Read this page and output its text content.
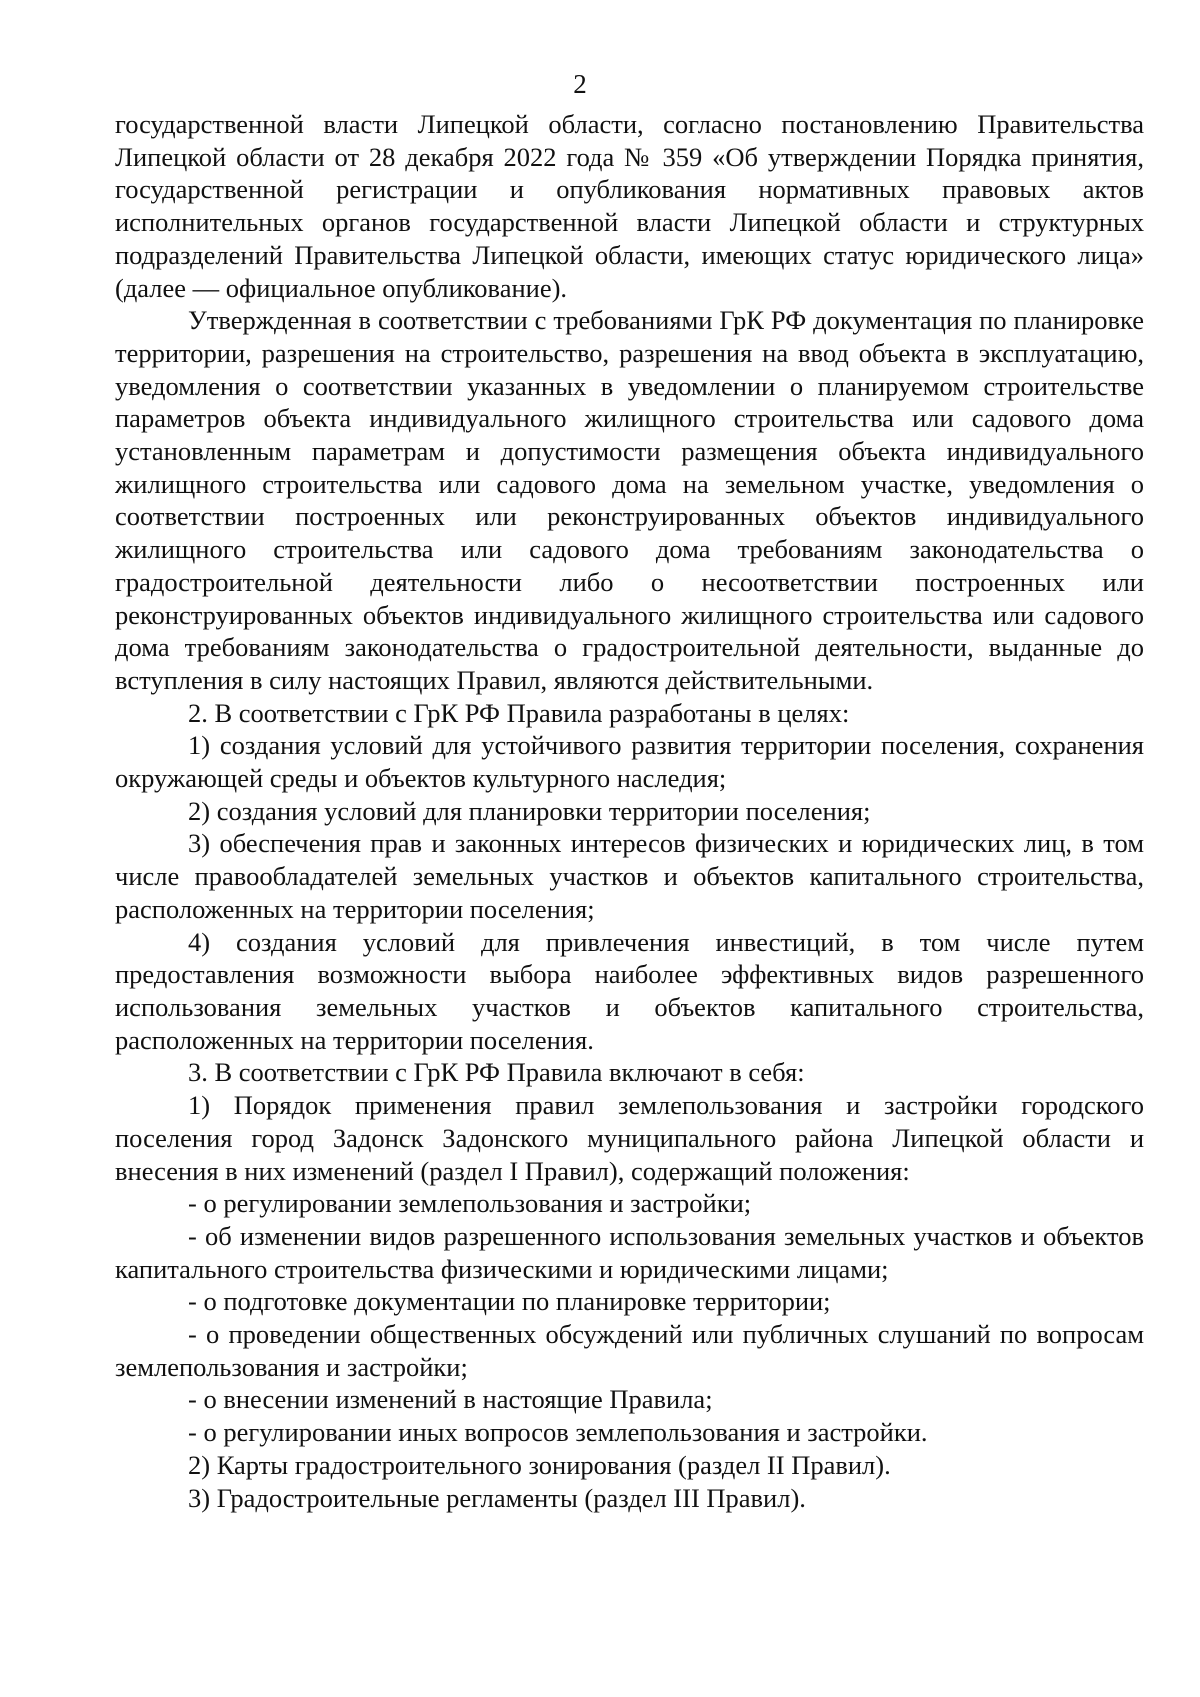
2

государственной власти Липецкой области, согласно постановлению Правительства Липецкой области от 28 декабря 2022 года № 359 «Об утверждении Порядка принятия, государственной регистрации и опубликования нормативных правовых актов исполнительных органов государственной власти Липецкой области и структурных подразделений Правительства Липецкой области, имеющих статус юридического лица» (далее — официальное опубликование).

Утвержденная в соответствии с требованиями ГрК РФ документация по планировке территории, разрешения на строительство, разрешения на ввод объекта в эксплуатацию, уведомления о соответствии указанных в уведомлении о планируемом строительстве параметров объекта индивидуального жилищного строительства или садового дома установленным параметрам и допустимости размещения объекта индивидуального жилищного строительства или садового дома на земельном участке, уведомления о соответствии построенных или реконструированных объектов индивидуального жилищного строительства или садового дома требованиям законодательства о градостроительной деятельности либо о несоответствии построенных или реконструированных объектов индивидуального жилищного строительства или садового дома требованиям законодательства о градостроительной деятельности, выданные до вступления в силу настоящих Правил, являются действительными.

2. В соответствии с ГрК РФ Правила разработаны в целях:

1) создания условий для устойчивого развития территории поселения, сохранения окружающей среды и объектов культурного наследия;

2) создания условий для планировки территории поселения;

3) обеспечения прав и законных интересов физических и юридических лиц, в том числе правообладателей земельных участков и объектов капитального строительства, расположенных на территории поселения;

4) создания условий для привлечения инвестиций, в том числе путем предоставления возможности выбора наиболее эффективных видов разрешенного использования земельных участков и объектов капитального строительства, расположенных на территории поселения.

3. В соответствии с ГрК РФ Правила включают в себя:

1) Порядок применения правил землепользования и застройки городского поселения город Задонск Задонского муниципального района Липецкой области и внесения в них изменений (раздел I Правил), содержащий положения:

- о регулировании землепользования и застройки;

- об изменении видов разрешенного использования земельных участков и объектов капитального строительства физическими и юридическими лицами;

- о подготовке документации по планировке территории;

- о проведении общественных обсуждений или публичных слушаний по вопросам землепользования и застройки;

- о внесении изменений в настоящие Правила;

- о регулировании иных вопросов землепользования и застройки.

2) Карты градостроительного зонирования (раздел II Правил).

3) Градостроительные регламенты (раздел III Правил).
